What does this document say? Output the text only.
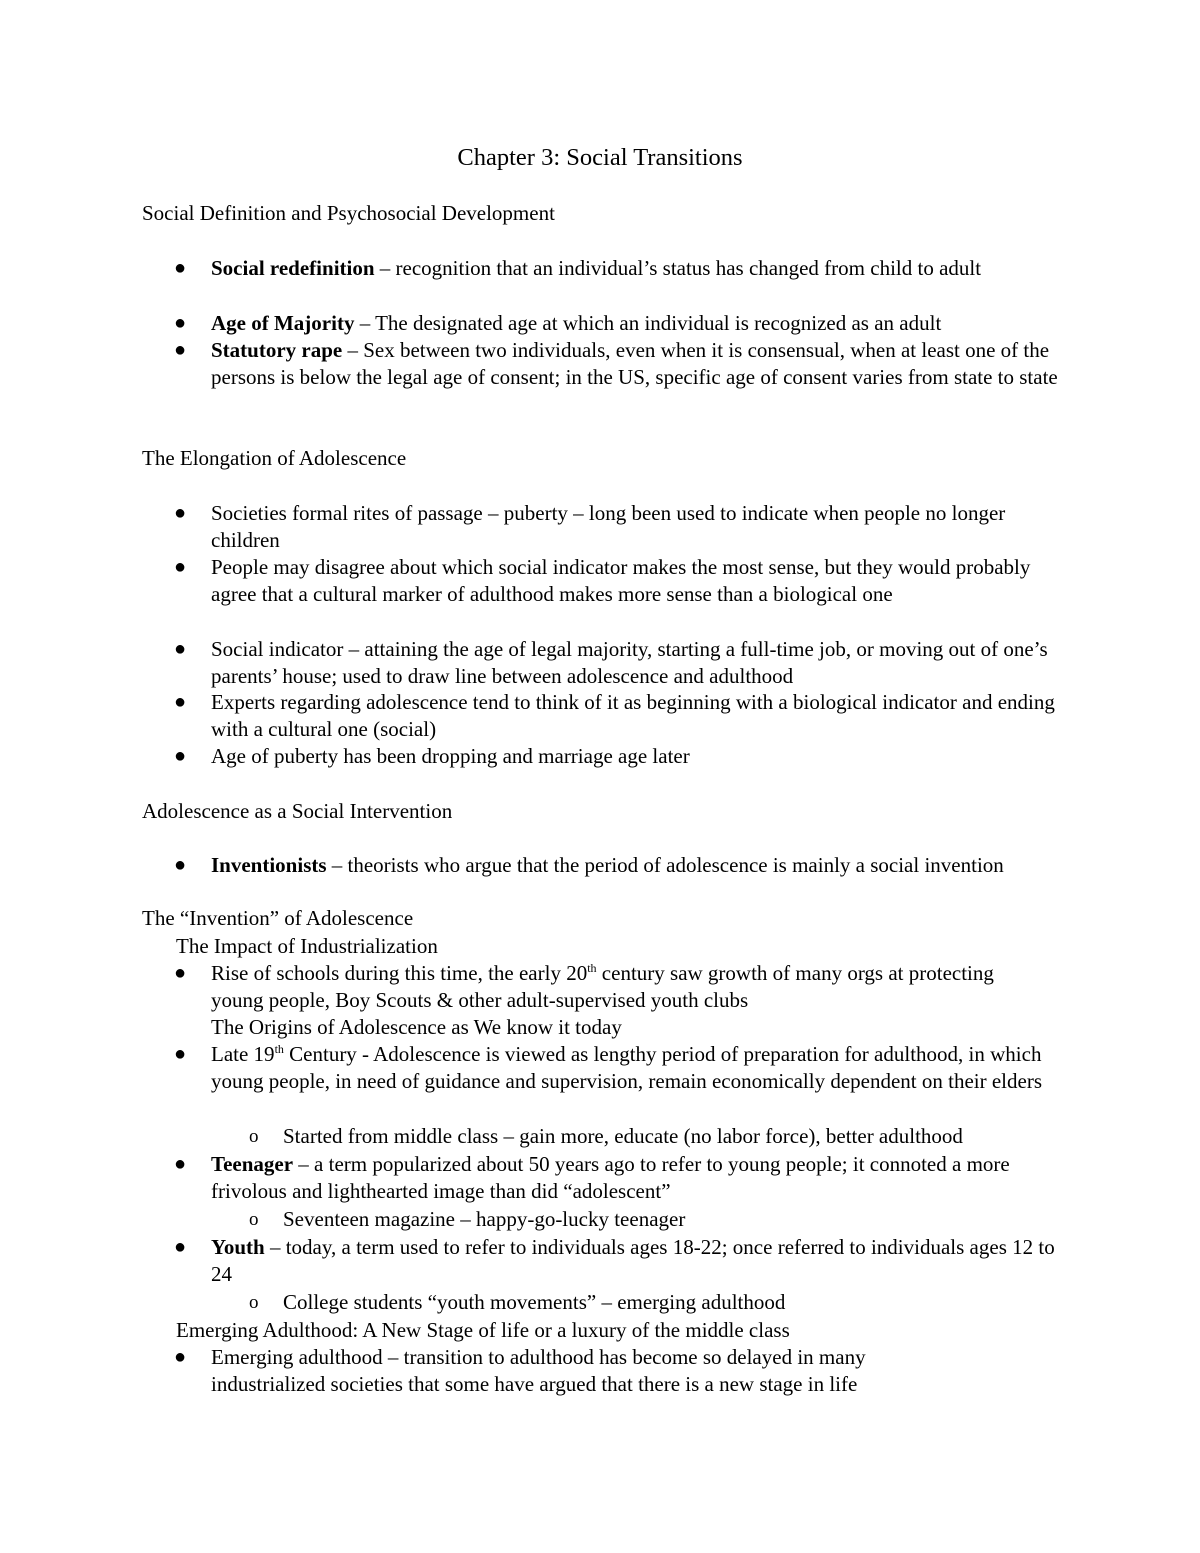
Chapter 3: Social Transitions
Social Definition and Psychosocial Development
● Social redefinition – recognition that an individual’s status has changed from child to adult
● Age of Majority – The designated age at which an individual is recognized as an adult
● Statutory rape – Sex between two individuals, even when it is consensual, when at least one of the persons is below the legal age of consent; in the US, specific age of consent varies from state to state
The Elongation of Adolescence
● Societies formal rites of passage – puberty – long been used to indicate when people no longer children
● People may disagree about which social indicator makes the most sense, but they would probably agree that a cultural marker of adulthood makes more sense than a biological one
● Social indicator – attaining the age of legal majority, starting a full-time job, or moving out of one’s parents’ house; used to draw line between adolescence and adulthood
● Experts regarding adolescence tend to think of it as beginning with a biological indicator and ending with a cultural one (social)
● Age of puberty has been dropping and marriage age later
Adolescence as a Social Intervention
● Inventionists – theorists who argue that the period of adolescence is mainly a social invention
The “Invention” of Adolescence
The Impact of Industrialization
● Rise of schools during this time, the early 20th century saw growth of many orgs at protecting young people, Boy Scouts & other adult-supervised youth clubs
The Origins of Adolescence as We know it today
● Late 19th Century - Adolescence is viewed as lengthy period of preparation for adulthood, in which young people, in need of guidance and supervision, remain economically dependent on their elders
o Started from middle class – gain more, educate (no labor force), better adulthood
● Teenager – a term popularized about 50 years ago to refer to young people; it connoted a more frivolous and lighthearted image than did “adolescent”
o Seventeen magazine – happy-go-lucky teenager
● Youth – today, a term used to refer to individuals ages 18-22; once referred to individuals ages 12 to 24
o College students “youth movements” – emerging adulthood
Emerging Adulthood: A New Stage of life or a luxury of the middle class
● Emerging adulthood – transition to adulthood has become so delayed in many industrialized societies that some have argued that there is a new stage in life
